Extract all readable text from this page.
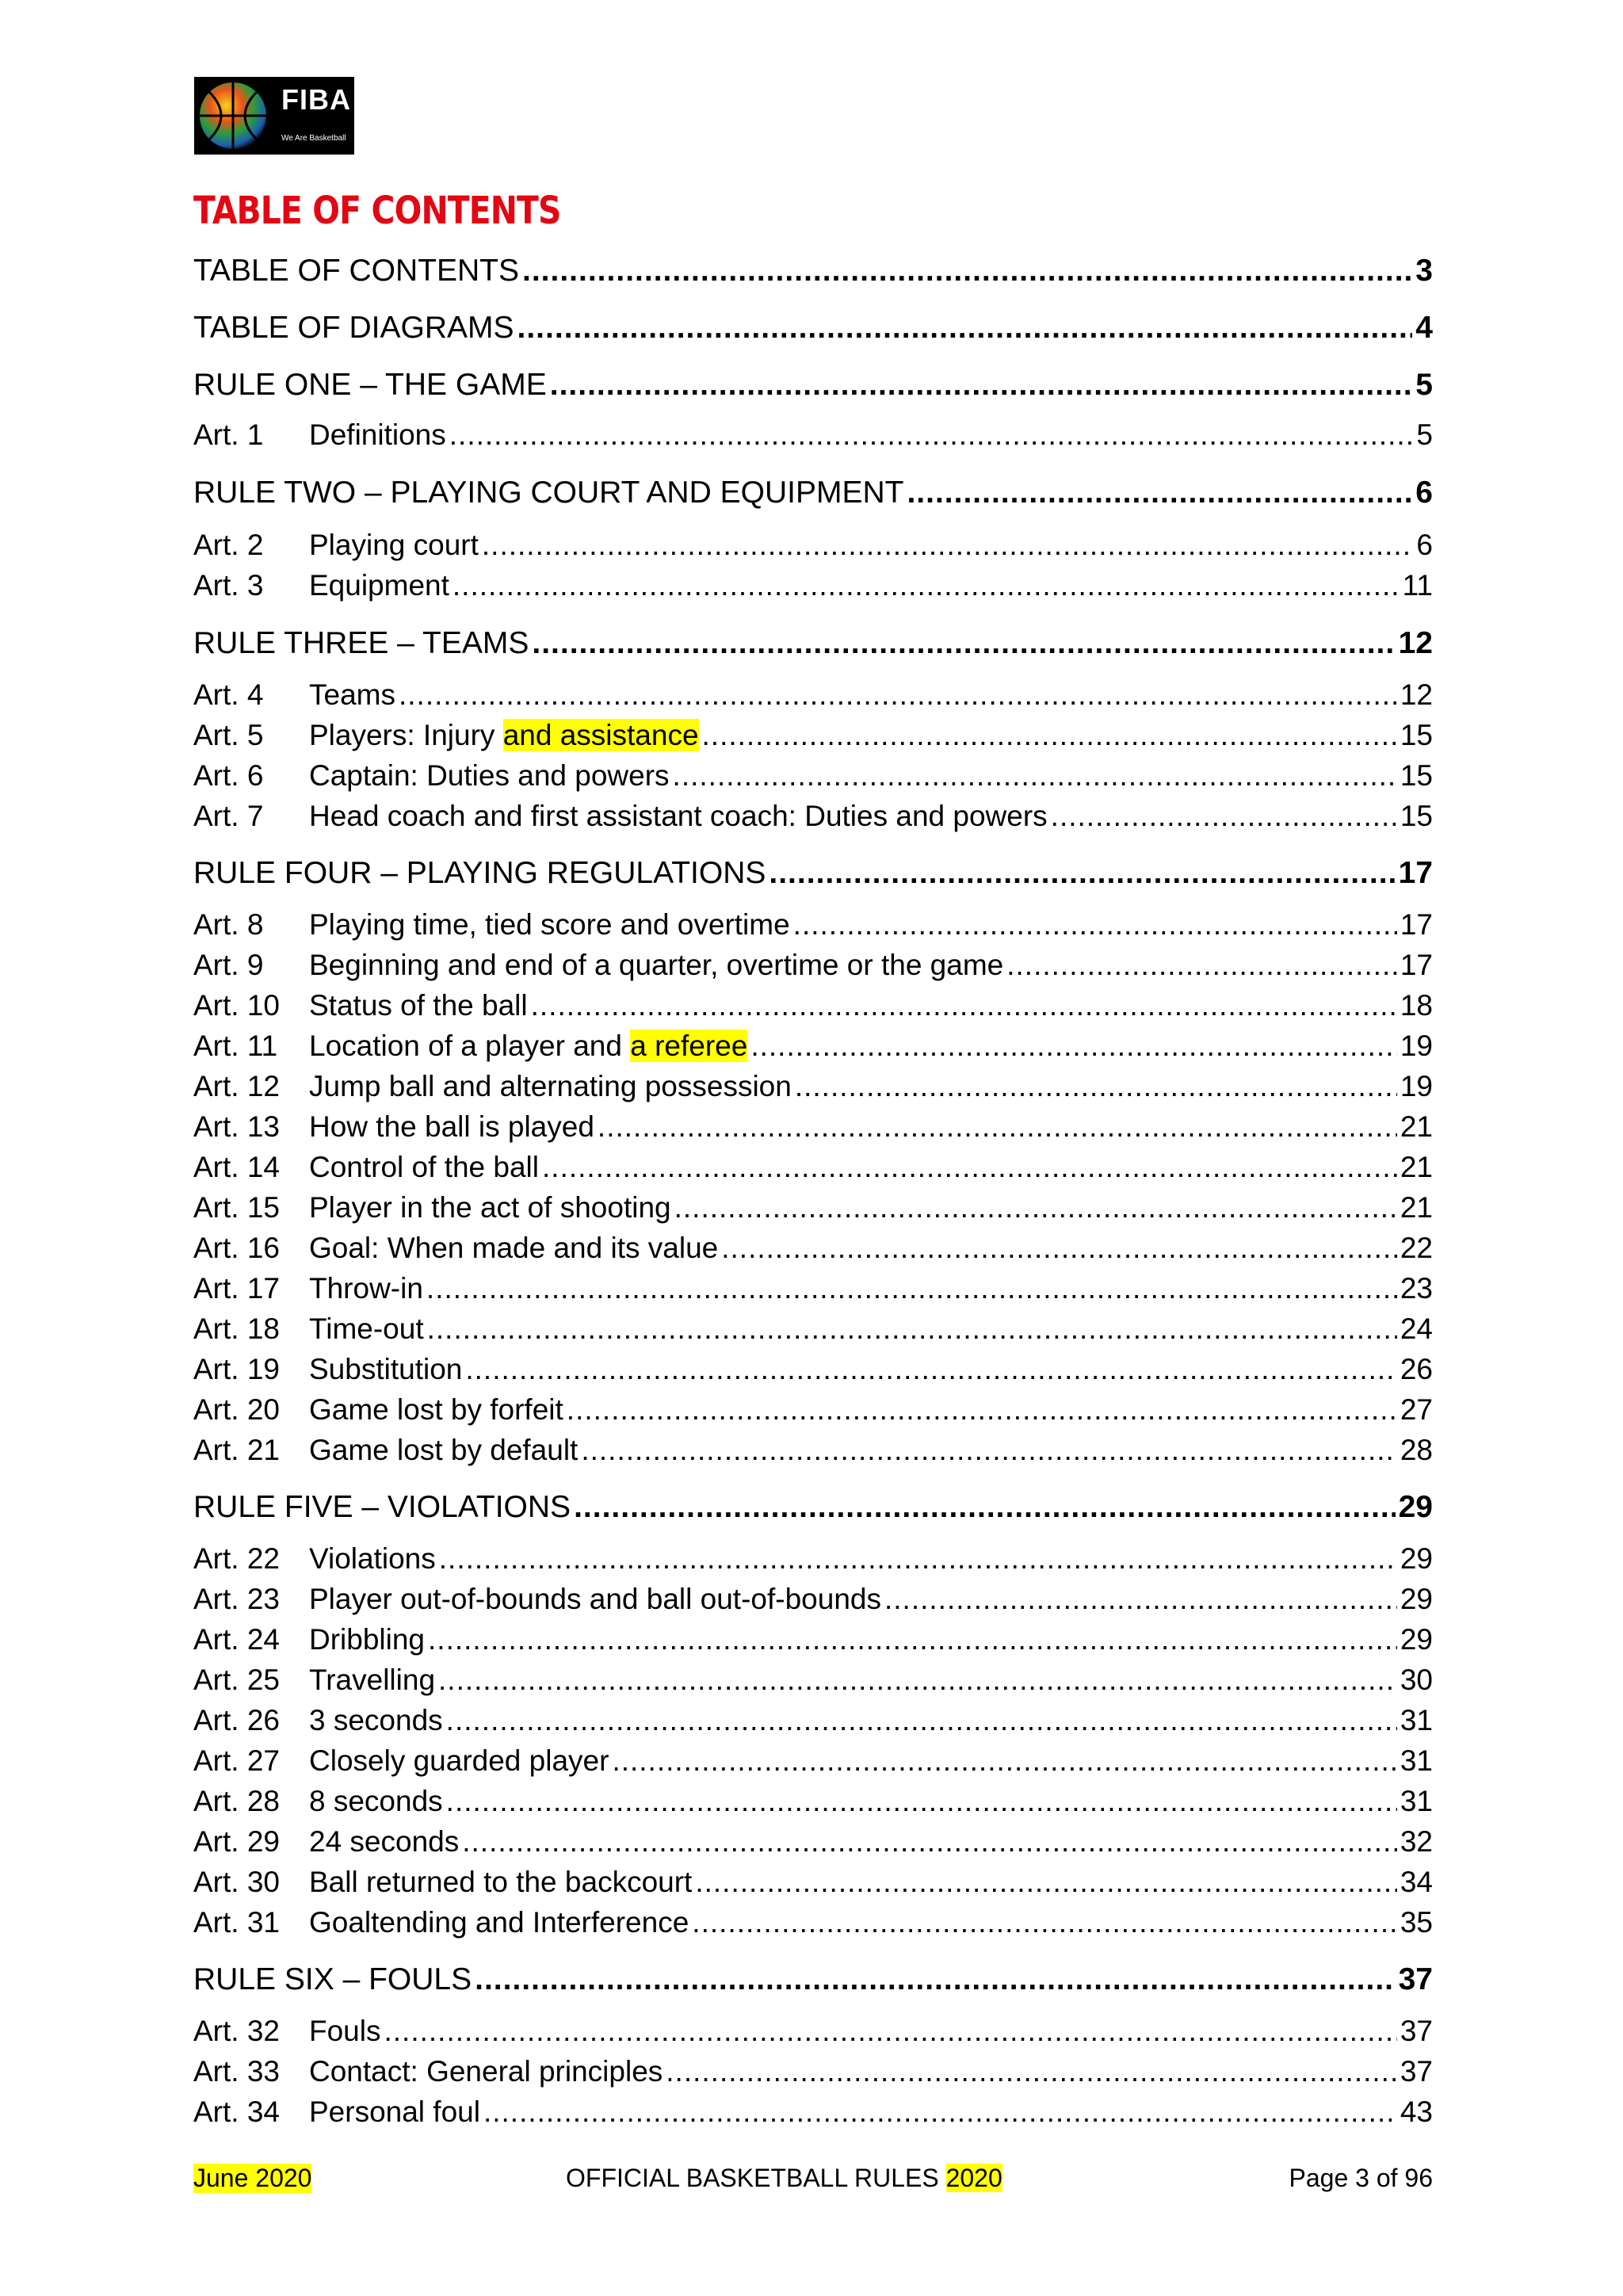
FIBA
We Are Basketball
TABLE OF CONTENTS
TABLE OF CONTENTS .....	3
TABLE OF DIAGRAMS .....	4
RULE ONE – THE GAME .....	5
Art. 1	Definitions .....	5
RULE TWO – PLAYING COURT AND EQUIPMENT .....	6
Art. 2	Playing court .....	6
Art. 3	Equipment .....	11
RULE THREE – TEAMS .....	12
Art. 4	Teams .....	12
Art. 5	Players: Injury and assistance .....	15
Art. 6	Captain: Duties and powers .....	15
Art. 7	Head coach and first assistant coach: Duties and powers .....	15
RULE FOUR – PLAYING REGULATIONS .....	17
Art. 8	Playing time, tied score and overtime .....	17
Art. 9	Beginning and end of a quarter, overtime or the game .....	17
Art. 10	Status of the ball .....	18
Art. 11	Location of a player and a referee .....	19
Art. 12	Jump ball and alternating possession .....	19
Art. 13	How the ball is played .....	21
Art. 14	Control of the ball .....	21
Art. 15	Player in the act of shooting .....	21
Art. 16	Goal: When made and its value .....	22
Art. 17	Throw-in .....	23
Art. 18	Time-out .....	24
Art. 19	Substitution .....	26
Art. 20	Game lost by forfeit .....	27
Art. 21	Game lost by default .....	28
RULE FIVE – VIOLATIONS .....	29
Art. 22	Violations .....	29
Art. 23	Player out-of-bounds and ball out-of-bounds .....	29
Art. 24	Dribbling .....	29
Art. 25	Travelling .....	30
Art. 26	3 seconds .....	31
Art. 27	Closely guarded player .....	31
Art. 28	8 seconds .....	31
Art. 29	24 seconds .....	32
Art. 30	Ball returned to the backcourt .....	34
Art. 31	Goaltending and Interference .....	35
RULE SIX – FOULS .....	37
Art. 32	Fouls .....	37
Art. 33	Contact: General principles .....	37
Art. 34	Personal foul .....	43
June 2020	OFFICIAL BASKETBALL RULES 2020	Page 3 of 96
